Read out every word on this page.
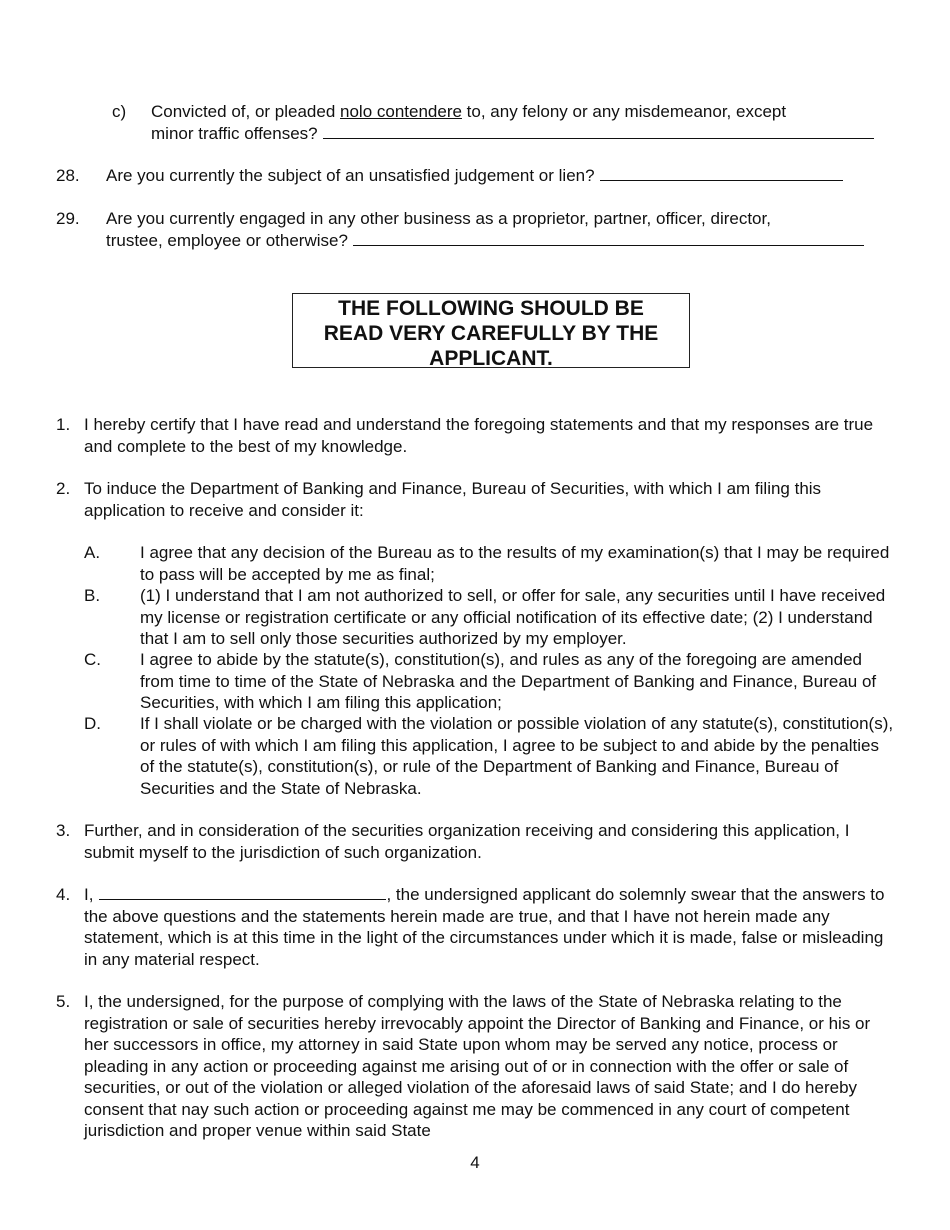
c) Convicted of, or pleaded nolo contendere to, any felony or any misdemeanor, except
minor traffic offenses?
28. Are you currently the subject of an unsatisfied judgement or lien?
29. Are you currently engaged in any other business as a proprietor, partner, officer, director,
trustee, employee or otherwise?
THE FOLLOWING SHOULD BE
READ VERY CAREFULLY BY THE
APPLICANT.
1. I hereby certify that I have read and understand the foregoing statements and that my responses are true and complete to the best of my knowledge.
2. To induce the Department of Banking and Finance, Bureau of Securities, with which I am filing this application to receive and consider it:
A. I agree that any decision of the Bureau as to the results of my examination(s) that I may be required to pass will be accepted by me as final;
B. (1) I understand that I am not authorized to sell, or offer for sale, any securities until I have received my license or registration certificate or any official notification of its effective date; (2) I understand that I am to sell only those securities authorized by my employer.
C. I agree to abide by the statute(s), constitution(s), and rules as any of the foregoing are amended from time to time of the State of Nebraska and the Department of Banking and Finance, Bureau of Securities, with which I am filing this application;
D. If I shall violate or be charged with the violation or possible violation of any statute(s), constitution(s), or rules of with which I am filing this application, I agree to be subject to and abide by the penalties of the statute(s), constitution(s), or rule of the Department of Banking and Finance, Bureau of Securities and the State of Nebraska.
3. Further, and in consideration of the securities organization receiving and considering this application, I submit myself to the jurisdiction of such organization.
4. I,	, the undersigned applicant do solemnly swear that the answers to the above questions and the statements herein made are true, and that I have not herein made any statement, which is at this time in the light of the circumstances under which it is made, false or misleading in any material respect.
5. I, the undersigned, for the purpose of complying with the laws of the State of Nebraska relating to the registration or sale of securities hereby irrevocably appoint the Director of Banking and Finance, or his or her successors in office, my attorney in said State upon whom may be served any notice, process or pleading in any action or proceeding against me arising out of or in connection with the offer or sale of securities, or out of the violation or alleged violation of the aforesaid laws of said State; and I do hereby consent that nay such action or proceeding against me may be commenced in any court of competent jurisdiction and proper venue within said State
4
